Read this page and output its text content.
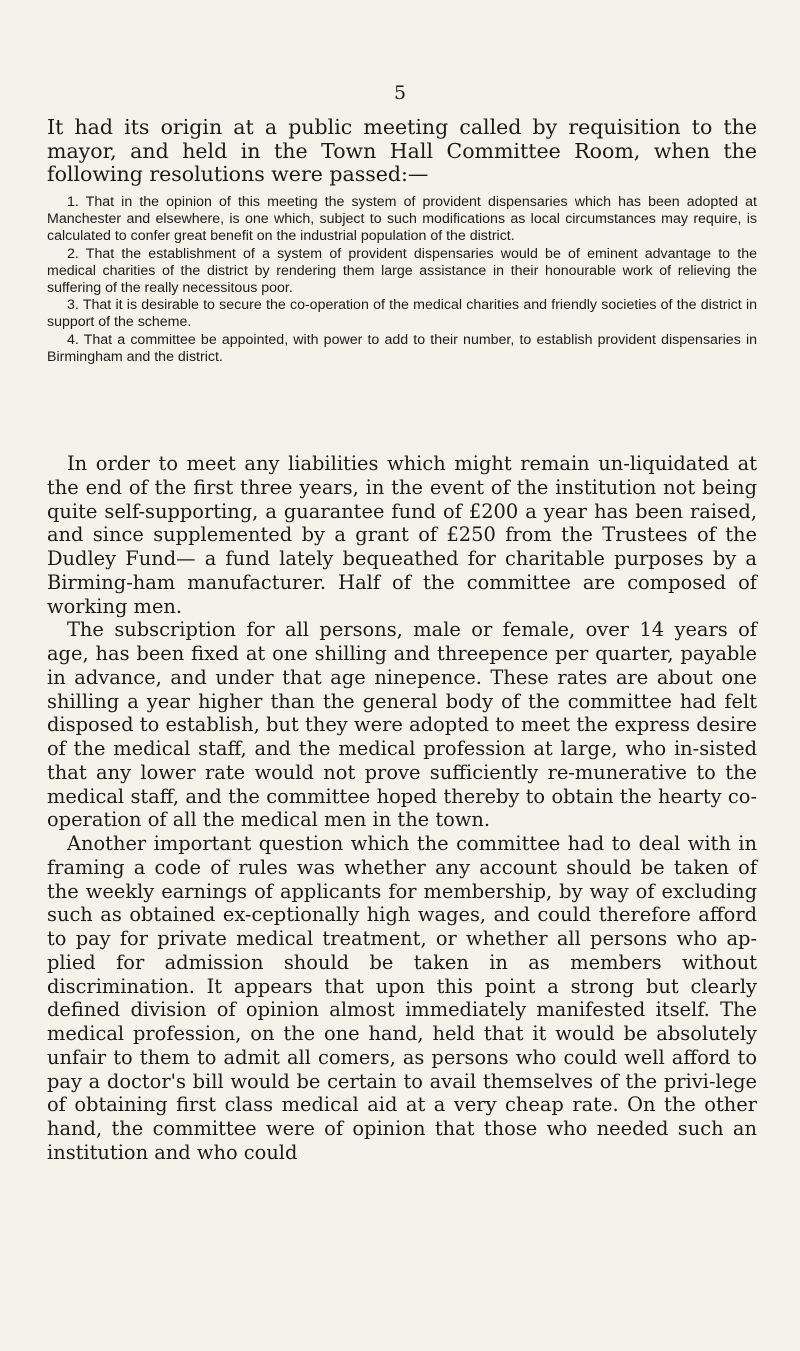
5

It had its origin at a public meeting called by requisition to the mayor, and held in the Town Hall Committee Room, when the following resolutions were passed:—

1. That in the opinion of this meeting the system of provident dispensaries which has been adopted at Manchester and elsewhere, is one which, subject to such modifications as local circumstances may require, is calculated to confer great benefit on the industrial population of the district.

2. That the establishment of a system of provident dispensaries would be of eminent advantage to the medical charities of the district by rendering them large assistance in their honourable work of relieving the suffering of the really necessitous poor.

3. That it is desirable to secure the co-operation of the medical charities and friendly societies of the district in support of the scheme.

4. That a committee be appointed, with power to add to their number, to establish provident dispensaries in Birmingham and the district.

In order to meet any liabilities which might remain un-liquidated at the end of the first three years, in the event of the institution not being quite self-supporting, a guarantee fund of £200 a year has been raised, and since supplemented by a grant of £250 from the Trustees of the Dudley Fund— a fund lately bequeathed for charitable purposes by a Birming-ham manufacturer. Half of the committee are composed of working men.

The subscription for all persons, male or female, over 14 years of age, has been fixed at one shilling and threepence per quarter, payable in advance, and under that age ninepence. These rates are about one shilling a year higher than the general body of the committee had felt disposed to establish, but they were adopted to meet the express desire of the medical staff, and the medical profession at large, who in-sisted that any lower rate would not prove sufficiently re-munerative to the medical staff, and the committee hoped thereby to obtain the hearty co-operation of all the medical men in the town.

Another important question which the committee had to deal with in framing a code of rules was whether any account should be taken of the weekly earnings of applicants for membership, by way of excluding such as obtained ex-ceptionally high wages, and could therefore afford to pay for private medical treatment, or whether all persons who ap-plied for admission should be taken in as members without discrimination. It appears that upon this point a strong but clearly defined division of opinion almost immediately manifested itself. The medical profession, on the one hand, held that it would be absolutely unfair to them to admit all comers, as persons who could well afford to pay a doctor's bill would be certain to avail themselves of the privi-lege of obtaining first class medical aid at a very cheap rate. On the other hand, the committee were of opinion that those who needed such an institution and who could
